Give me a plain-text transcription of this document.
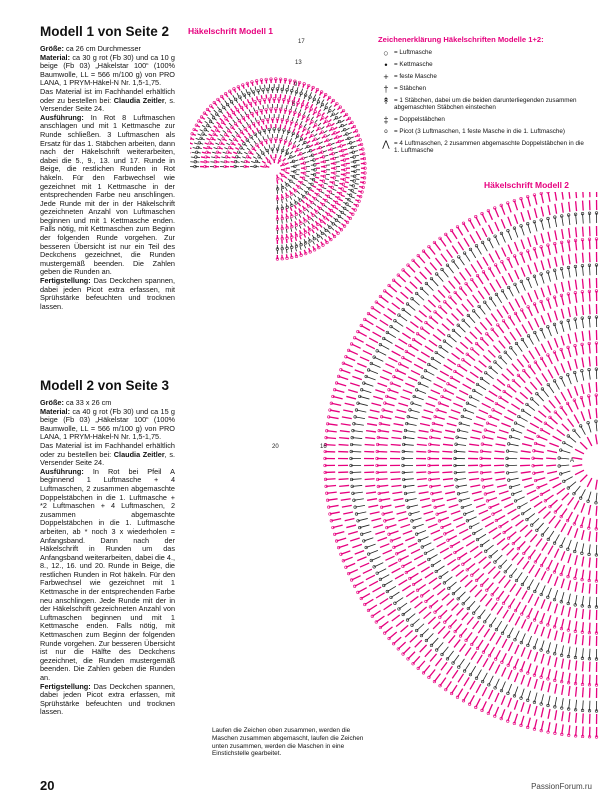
Modell 1 von Seite 2

Größe: ca 26 cm Durchmesser
Material: ca 30 g rot (Fb 30) und ca 10 g beige (Fb 03) „Häkelstar 100“ (100% Baumwolle, LL = 566 m/100 g) von PRO LANA, 1 PRYM-Häkel-N Nr. 1,5-1,75.
Das Material ist im Fachhandel erhältlich oder zu bestellen bei: Claudia Zeitler, s. Versender Seite 24.
Ausführung: In Rot 8 Luftmaschen anschlagen und mit 1 Kettmasche zur Runde schließen. 3 Luftmaschen als Ersatz für das 1. Stäbchen arbeiten, dann nach der Häkelschrift weiterarbeiten, dabei die 5., 9., 13. und 17. Runde in Beige, die restlichen Runden in Rot häkeln. Für den Farbwechsel wie gezeichnet mit 1 Kettmasche in der entsprechenden Farbe neu anschlingen. Jede Runde mit der in der Häkelschrift gezeichneten Anzahl von Luftmaschen beginnen und mit 1 Kettmasche enden. Falls nötig, mit Kettmaschen zum Beginn der folgenden Runde vorgehen. Zur besseren Übersicht ist nur ein Teil des Deckchens gezeichnet, die Runden mustergemäß beenden. Die Zahlen geben die Runden an.
Fertigstellung: Das Deckchen spannen, dabei jeden Picot extra erfassen, mit Sprühstärke befeuchten und trocknen lassen.

Modell 2 von Seite 3

Größe: ca 33 x 26 cm
Material: ca 40 g rot (Fb 30) und ca 15 g beige (Fb 03) „Häkelstar 100“ (100% Baumwolle, LL = 566 m/100 g) von PRO LANA, 1 PRYM-Häkel-N Nr. 1,5-1,75.
Das Material ist im Fachhandel erhältlich oder zu bestellen bei: Claudia Zeitler, s. Versender Seite 24.
Ausführung: In Rot bei Pfeil A beginnend 1 Luftmasche + 4 Luftmaschen, 2 zusammen abgemaschte Doppelstäbchen in die 1. Luftmasche + *2 Luftmaschen + 4 Luftmaschen, 2 zusammen abgemaschte Doppelstäbchen in die 1. Luftmasche arbeiten, ab * noch 3 x wiederholen = Anfangsband. Dann nach der Häkelschrift in Runden um das Anfangsband weiterarbeiten, dabei die 4., 8., 12., 16. und 20. Runde in Beige, die restlichen Runden in Rot häkeln. Für den Farbwechsel wie gezeichnet mit 1 Kettmasche in der entsprechenden Farbe neu anschlingen. Jede Runde mit der in der Häkelschrift gezeichneten Anzahl von Luftmaschen beginnen und mit 1 Kettmasche enden. Falls nötig, mit Kettmaschen zum Beginn der folgenden Runde vorgehen. Zur besseren Übersicht ist nur die Hälfte des Deckchens gezeichnet, die Runden mustergemäß beenden. Die Zahlen geben die Runden an.
Fertigstellung: Das Deckchen spannen, dabei jeden Picot extra erfassen, mit Sprühstärke befeuchten und trocknen lassen.

Häkelschrift Modell 1
Häkelschrift Modell 2
17
13
9
5
1
20	16
A
Zeichenerklärung Häkelschriften Modelle 1+2:
○ = Luftmasche
•	= Kettmasche
+ = feste Masche
† = Stäbchen
↟ = 1 Stäbchen, dabei um die beiden darunterliegenden zusammen abgemaschten Stäbchen einstechen
‡ = Doppelstäbchen
ᵒ = Picot (3 Luftmaschen, 1 feste Masche in die 1. Luftmasche)
⋀ = 4 Luftmaschen, 2 zusammen abgemaschte Doppelstäbchen in die 1. Luftmasche
Laufen die Zeichen oben zusammen, werden die Maschen zusammen abgemascht, laufen die Zeichen unten zusammen, werden die Maschen in eine Einstichstelle gearbeitet.
20	PassionForum.ru
